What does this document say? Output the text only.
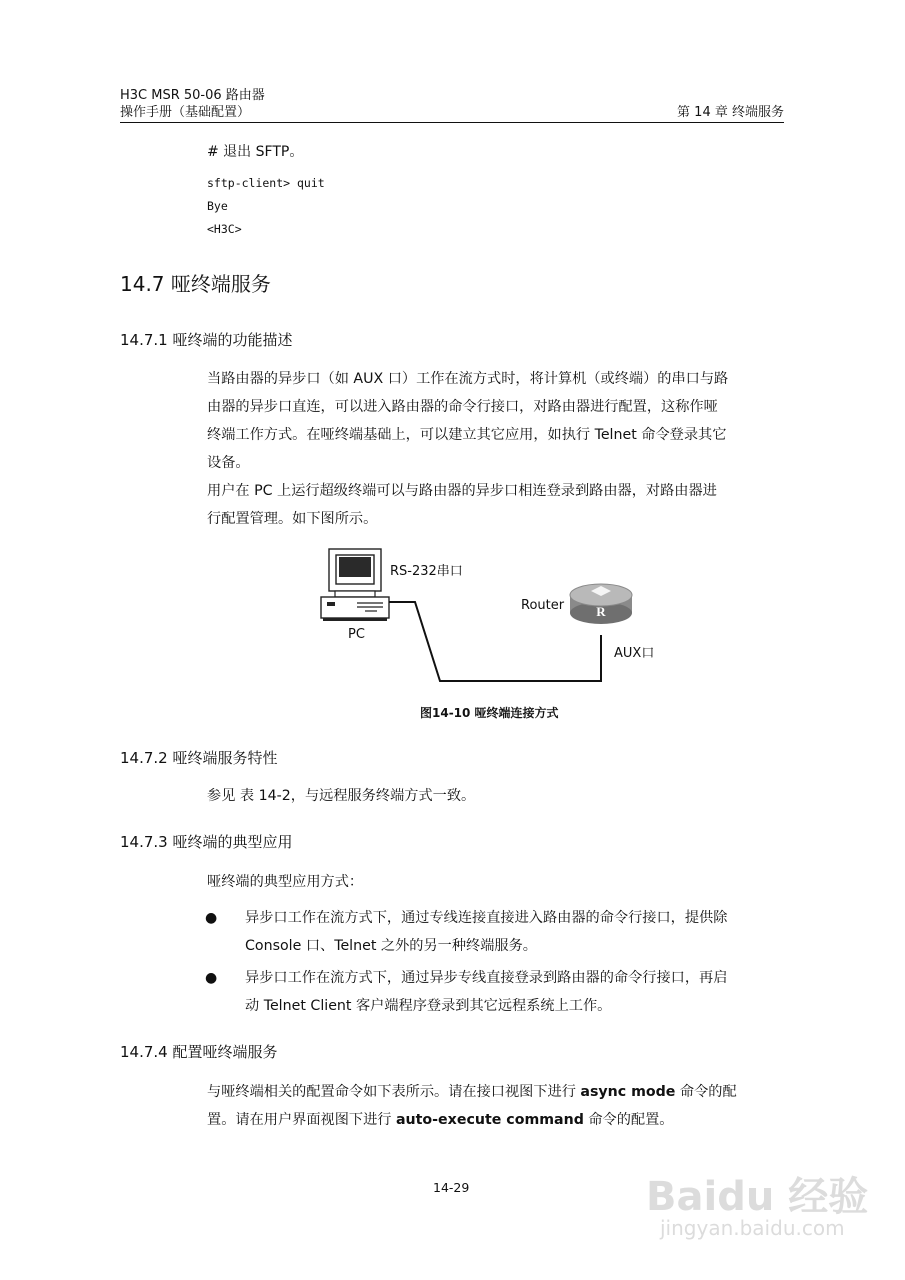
H3C MSR 50-06 路由器
操作手册（基础配置）	第 14 章 终端服务
# 退出 SFTP。
sftp-client> quit
Bye
<H3C>
14.7 哑终端服务
14.7.1 哑终端的功能描述
当路由器的异步口（如 AUX 口）工作在流方式时，将计算机（或终端）的串口与路
由器的异步口直连，可以进入路由器的命令行接口，对路由器进行配置，这称作哑
终端工作方式。在哑终端基础上，可以建立其它应用，如执行 Telnet 命令登录其它
设备。
用户在 PC 上运行超级终端可以与路由器的异步口相连登录到路由器，对路由器进
行配置管理。如下图所示。
R
PC
RS-232串口
Router
AUX口
图14-10 哑终端连接方式
14.7.2 哑终端服务特性
参见 表 14-2，与远程服务终端方式一致。
14.7.3 哑终端的典型应用
哑终端的典型应用方式：
● 异步口工作在流方式下，通过专线连接直接进入路由器的命令行接口，提供除
Console 口、Telnet 之外的另一种终端服务。
● 异步口工作在流方式下，通过异步专线直接登录到路由器的命令行接口，再启
动 Telnet Client 客户端程序登录到其它远程系统上工作。
14.7.4 配置哑终端服务
与哑终端相关的配置命令如下表所示。请在接口视图下进行 async mode 命令的配
置。请在用户界面视图下进行 auto-execute command 命令的配置。
14-29	Baidu 经验
jingyan.baidu.com
